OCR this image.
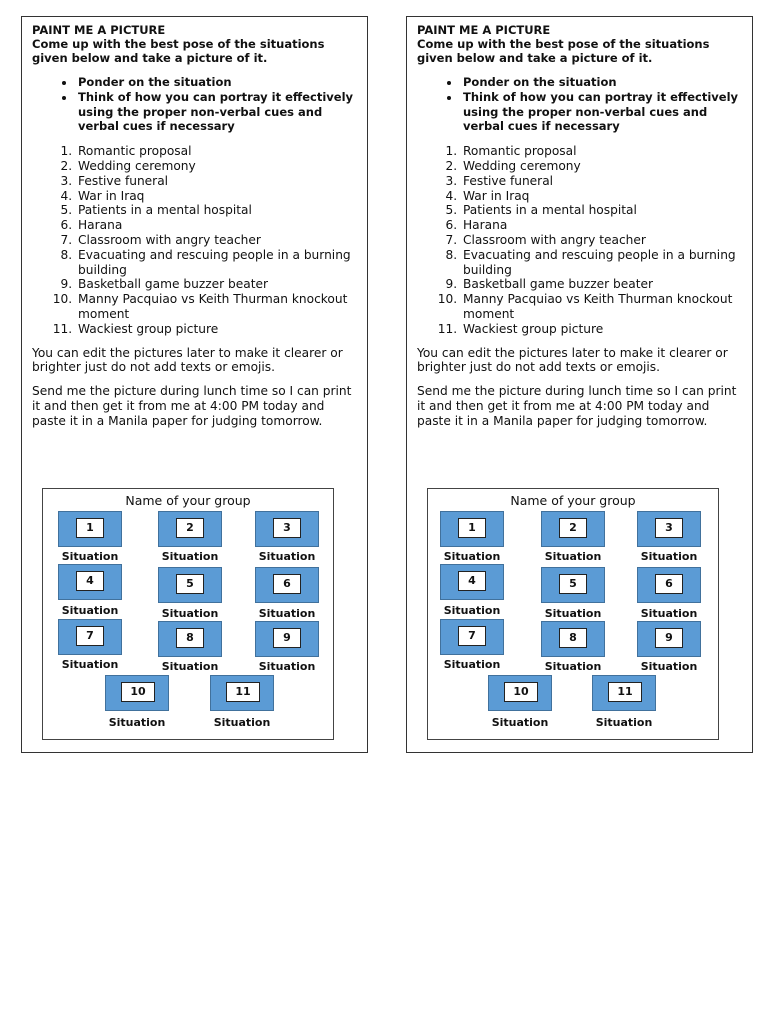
PAINT ME A PICTURE
Come up with the best pose of the situations given below and take a picture of it.
• Ponder on the situation
• Think of how you can portray it effectively using the proper non-verbal cues and verbal cues if necessary
1. Romantic proposal
2. Wedding ceremony
3. Festive funeral
4. War in Iraq
5. Patients in a mental hospital
6. Harana
7. Classroom with angry teacher
8. Evacuating and rescuing people in a burning building
9. Basketball game buzzer beater
10. Manny Pacquiao vs Keith Thurman knockout moment
11. Wackiest group picture

You can edit the pictures later to make it clearer or brighter just do not add texts or emojis.

Send me the picture during lunch time so I can print it and then get it from me at 4:00 PM today and paste it in a Manila paper for judging tomorrow.

Name of your group
1
Situation
2
Situation
3
Situation
4
Situation
5
Situation
6
Situation
7
Situation
8
Situation
9
Situation
10
Situation
11
Situation
PAINT ME A PICTURE
Come up with the best pose of the situations given below and take a picture of it.
• Ponder on the situation
• Think of how you can portray it effectively using the proper non-verbal cues and verbal cues if necessary
1. Romantic proposal
2. Wedding ceremony
3. Festive funeral
4. War in Iraq
5. Patients in a mental hospital
6. Harana
7. Classroom with angry teacher
8. Evacuating and rescuing people in a burning building
9. Basketball game buzzer beater
10. Manny Pacquiao vs Keith Thurman knockout moment
11. Wackiest group picture

You can edit the pictures later to make it clearer or brighter just do not add texts or emojis.

Send me the picture during lunch time so I can print it and then get it from me at 4:00 PM today and paste it in a Manila paper for judging tomorrow.

Name of your group
1
Situation
2
Situation
3
Situation
4
Situation
5
Situation
6
Situation
7
Situation
8
Situation
9
Situation
10
Situation
11
Situation
